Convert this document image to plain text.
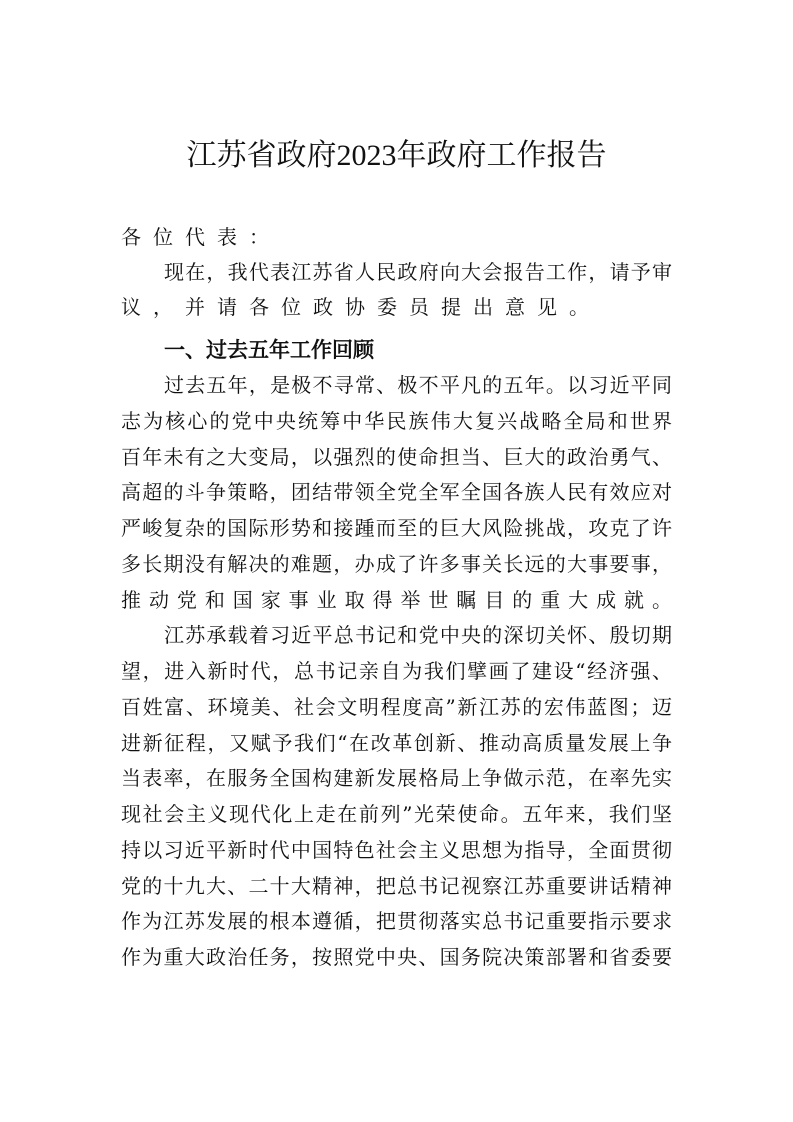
江苏省政府2023年政府工作报告
各位代表：
现在，我代表江苏省人民政府向大会报告工作，请予审
议，并请各位政协委员提出意见。
一、过去五年工作回顾
过去五年，是极不寻常、极不平凡的五年。以习近平同
志为核心的党中央统筹中华民族伟大复兴战略全局和世界
百年未有之大变局，以强烈的使命担当、巨大的政治勇气、
高超的斗争策略，团结带领全党全军全国各族人民有效应对
严峻复杂的国际形势和接踵而至的巨大风险挑战，攻克了许
多长期没有解决的难题，办成了许多事关长远的大事要事，
推动党和国家事业取得举世瞩目的重大成就。
江苏承载着习近平总书记和党中央的深切关怀、殷切期
望，进入新时代，总书记亲自为我们擘画了建设“经济强、
百姓富、环境美、社会文明程度高”新江苏的宏伟蓝图；迈
进新征程，又赋予我们“在改革创新、推动高质量发展上争
当表率，在服务全国构建新发展格局上争做示范，在率先实
现社会主义现代化上走在前列”光荣使命。五年来，我们坚
持以习近平新时代中国特色社会主义思想为指导，全面贯彻
党的十九大、二十大精神，把总书记视察江苏重要讲话精神
作为江苏发展的根本遵循，把贯彻落实总书记重要指示要求
作为重大政治任务，按照党中央、国务院决策部署和省委要
